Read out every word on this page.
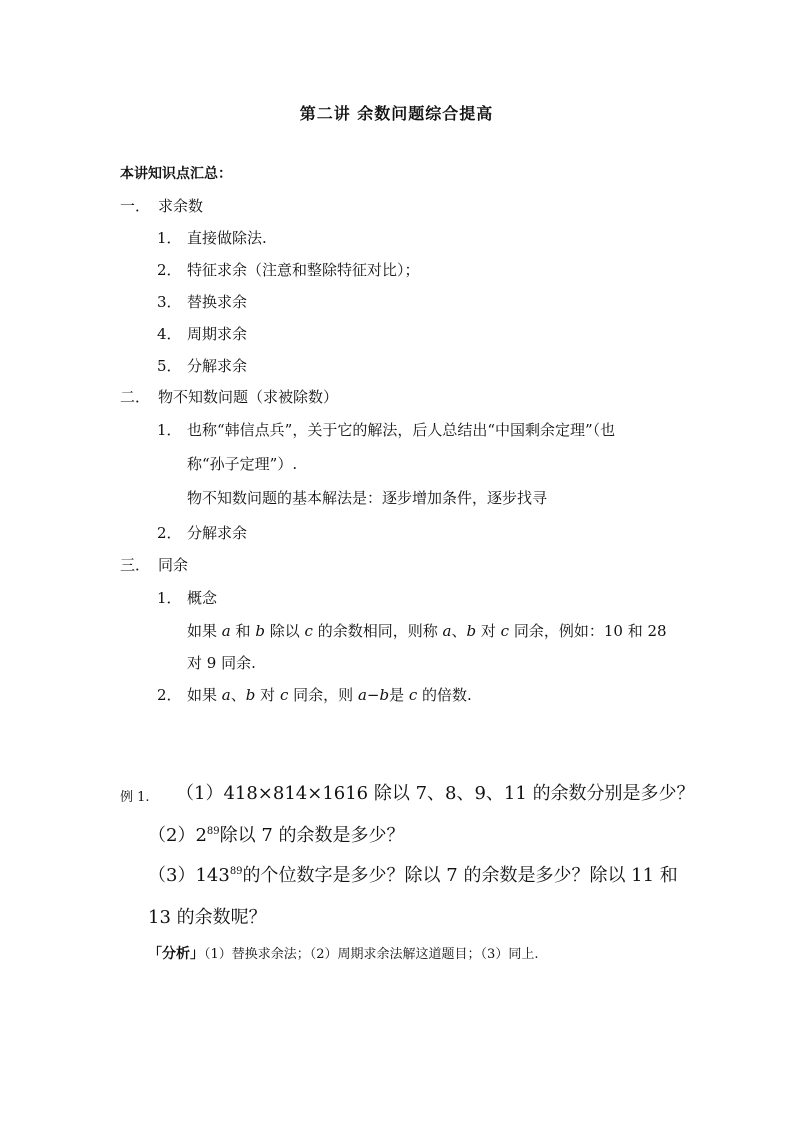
第二讲 余数问题综合提高
本讲知识点汇总：
一． 求余数
1． 直接做除法.
2． 特征求余（注意和整除特征对比）；
3． 替换求余
4． 周期求余
5． 分解求余
二． 物不知数问题（求被除数）
1． 也称“韩信点兵”，关于它的解法，后人总结出“中国剩余定理”（也
称“孙子定理”）.
物不知数问题的基本解法是：逐步增加条件，逐步找寻
2． 分解求余
三． 同余
1． 概念
如果 a 和 b 除以 c 的余数相同，则称 a、b 对 c 同余，例如：10 和 28
对 9 同余.
2． 如果 a、b 对 c 同余，则 a−b是 c 的倍数.
例 1. （1）418×814×1616 除以 7、8、9、11 的余数分别是多少？
$(2)2^{89}$除以 7 的余数是多少？
$(3)143^{89}$的个位数字是多少？除以 7 的余数是多少？除以 11 和
13 的余数呢？
「分析」（1）替换求余法；（2）周期求余法解这道题目；（3）同上.
